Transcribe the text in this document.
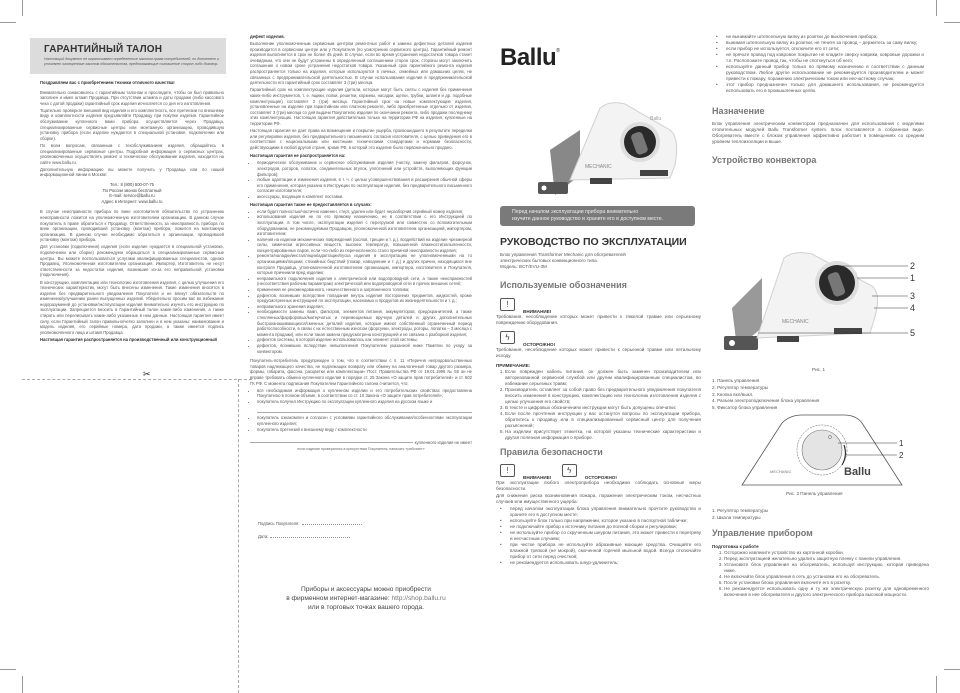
ГАРАНТИЙНЫЙ ТАЛОН
Настоящий документ не ограничивает определенные законом права потребителей, но дополняет и уточняет оговоренные законом обязательства, предполагающие соглашение сторон либо договор.

Поздравляем вас с приобретением техники отличного качества!

Внимательно ознакомьтесь с гарантийным талоном и проследите, чтобы он был правильно заполнен и имел штамп Продавца. При отсутствии штампа и даты продажи (либо кассового чека с датой продажи) гарантийный срок изделия исчисляется со дня его изготовления.

Тщательно проверьте внешний вид изделия и его комплектность, все претензии по внешнему виду и комплектности изделия предъявляйте Продавцу при покупке изделия. Гарантийное обслуживание купленного вами прибора осуществляется через Продавца, специализированные сервисные центры или монтажную организацию, проводившую установку прибора (если изделие нуждается в специальной установке, подключении или сборке).

По всем вопросам, связанным с техобслуживанием изделия, обращайтесь в специализированные сервисные центры. Подробная информация о сервисных центрах, уполномоченных осуществлять ремонт и техническое обслуживание изделия, находится на сайте www.ballu.ru.

Дополнительную информацию вы можете получить у Продавца или по нашей информационной линии в Москве:

Тел.: 8 (800) 500-07-75
По России звонок бесплатный
E-mail: service@ballu.ru
Адрес в Интернет: www.ballu.ru

В случае неисправности прибора по вине изготовителя обязательство по устранению неисправности ложится на уполномоченную изготовителем организацию. В данном случае покупатель в праве обратиться к Продавцу. Ответственность за неисправность прибора по вине организации, проводившей установку (монтаж) прибора, ложится на монтажную организацию. В данном случае необходимо обратиться к организации, проводившей установку (монтаж) прибора.

Для установки (подключения) изделия (если изделие нуждается в специальной установке, подключении или сборке) рекомендуем обращаться в специализированные сервисные центры. Вы можете воспользоваться услугами квалифицированных специалистов, однако Продавец, Уполномоченная изготовителем организация, Импортер, Изготовитель не несут ответственности за недостатки изделия, возникшие из-за его неправильной установки (подключения).

В конструкцию, комплектацию или технологию изготовления изделия, с целью улучшения его технических характеристик, могут быть внесены изменения. Такие изменения вносятся в изделие без предварительного уведомления Покупателя и не влекут обязательств по изменению/улучшению ранее выпущенных изделий. Убедительно просим вас во избежание недоразумений до установки/эксплуатации изделия внимательно изучить его инструкцию по эксплуатации. Запрещается вносить в Гарантийный талон какие-либо изменения, а также стирать или переписывать какие-либо указанные в нем данные. Настоящая гарантия имеет силу, если Гарантийный талон правильно/четко заполнен и в нем указаны: наименование и модель изделия, его серийные номера, дата продажи, а также имеется подпись уполномоченного лица и штамп Продавца.

Настоящая гарантия распространяется на производственный или конструкционный

✂

дефект изделия.

Выполнение уполномоченным сервисным центром ремонтных работ и замена дефектных деталей изделия производится в сервисном центре или у Покупателя (по усмотрению сервисного центра). Гарантийный ремонт изделия выполняется в срок не более 45 дней. В случае, если во время устранения недостатков товара станет очевидным, что они не будут устранены в определенный соглашением сторон срок, стороны могут заключить соглашение о новом сроке устранения недостатков товара. Указанный срок гарантийного ремонта изделия распространяется только на изделия, которые используются в личных, семейных или домашних целях, не связанных с предпринимательской деятельностью. В случае использования изделия в предпринимательской деятельности его гарантийный срок составляет 3 (три) месяца.

Гарантийный срок на комплектующие изделия (детали, которые могут быть сняты с изделия без применения каких-либо инструментов, т. е. ящики, полки, решетки, корзины, насадки, щетки, трубки, шланги и др. подобные комплектующие) составляет 3 (три) месяца. Гарантийный срок на новые комплектующие изделия, установленные на изделие при гарантийном или платном ремонте, либо приобретенные отдельно от изделия, составляет 3 (три) месяца со дня выдачи Покупателю изделия по окончании ремонта, либо продажи последнему этих комплектующих. Настоящая гарантия действительна только на территории РФ на изделия, купленные на территории РФ.

Настоящая гарантия не дает права на возмещение и покрытие ущерба, произошедшего в результате переделки или регулировки изделия, без предварительного письменного согласия изготовителя, с целью приведения его в соответствие с национальными или местными техническими стандартами и нормами безопасности, действующими в любой другой стране, кроме РФ, в которой это изделие было первоначально продано.

Настоящая гарантия не распространяется на:

• периодическое обслуживание и сервисное обслуживание изделия (чистку, замену фильтров, форсунок, электродов, роторов, лопаток, соединительных втулок, уплотнений или устройств, выполняющих функции фильтров);
• любые адаптации и изменения изделия, в т. ч. с целью усовершенствования и расширения обычной сферы его применения, которая указана в Инструкции по эксплуатации изделия, без предварительного письменного согласия изготовителя;
• аксессуары, входящие в комплект поставки.

Настоящая гарантия также не предоставляется в случаях:

• если будет полностью/частично изменен, стерт, удален или будет неразборчив серийный номер изделия;
• использования изделия не по его прямому назначению, не в соответствии с его Инструкцией по эксплуатации, в том числе, эксплуатации изделия с перегрузкой или совместно со вспомогательным оборудованием, не рекомендуемым Продавцом, уполномоченной изготовителем организацией, импортером, изготовителем;
• наличия на изделии механических повреждений (сколов, трещин и т. д.), воздействий на изделие чрезмерной силы, химически агрессивных веществ, высоких температур, повышенной влажности/запыленности, концентрированных паров, если что-либо из перечисленного стало причиной неисправности изделия;
• ремонта/наладки/инсталляции/адаптации/пуска изделия в эксплуатацию не уполномоченными на то организациями/лицами; стихийных бедствий (пожар, наводнение и т. д.) и других причин, находящихся вне контроля Продавца, уполномоченной изготовителем организации, импортера, изготовителя и Покупателя, которые причинили вред изделию;
• неправильного подключения изделия к электрической или водопроводной сети, а также неисправностей (несоответствия рабочим параметрам) электрической или водопроводной сети и прочих внешних сетей;
• применения не рекомендованного, некачественного и загрязненного топлива;
• дефектов, возникших вследствие попадания внутрь изделия посторонних предметов, жидкостей, кроме предусмотренных инструкцией по эксплуатации, насекомых и продуктов их жизнедеятельности и т. д.;
• неправильного хранения изделия;
• необходимости замены ламп, фильтров, элементов питания, аккумуляторов, предохранителей, а также стеклянных/фарфоровых/матерчатых и перемещаемых вручную деталей и других дополнительных быстроизнашивающихся/сменных деталей изделия, которые имеют собственный ограниченный период работоспособности, в связи с их естественным износом (форсунки, электроды, роторы, лопатки – 3 месяца с момента продажи), или если такая замена предусмотрена конструкцией и не связана с разборкой изделия;
• дефектов системы, в которой изделие использовалось как элемент этой системы;
• дефектов, возникших вследствие невыполнения Покупателем указанной ниже Памятки по уходу за конвектором.

Покупатель-потребитель предупрежден о том, что в соответствии с п. 11 «Перечня непродовольственных товаров надлежащего качества, не подлежащих возврату или обмену на аналогичный товар другого размера, формы, габарита, фасона, расцветки или комплектации» Пост. Правительства РФ от 19.01.1998 № 55 он не вправе требовать обмена купленного изделия в порядке ст. 25 Закона «О защите прав потребителей» и ст. 502 ГК РФ. С момента подписания Покупателем Гарантийного талона считается, что:

• вся необходимая информация о купленном изделии и его потребительских свойствах предоставлена Покупателю в полном объеме, в соответствии со ст. 10 Закона «О защите прав потребителей»;
• покупатель получил Инструкцию по эксплуатации купленного изделия на русском языке и
• покупатель ознакомлен и согласен с условиями гарантийного обслуживания/особенностями эксплуатации купленного изделия;
• покупатель претензий к внешнему виду / комплектности
купленного изделия не имеет
если изделие проверялось в присутствии Покупателя, написать «работает»
Подпись Покупателя:
Дата:
Приборы и аксессуары можно приобрести
в фирменном интернет-магазине: http://shop.ballu.ru
или в торговых точках вашего города.
Ballu®
MECHANIC
Ballu
Перед началом эксплуатации прибора внимательно
изучите данное руководство и храните его в доступном месте.
РУКОВОДСТВО ПО ЭКСПЛУАТАЦИИ
Блок управления Transformer Mechanic для обогревателей
электрических бытовых конвекционного типа.
Модель: BCT/EVU-3M
Используемые обозначения
!ВНИМАНИЕ!

Требования, несоблюдение которых может привести к тяжелой травме или серьезному повреждению оборудования.

ϟОСТОРОЖНО!

Требования, несоблюдение которых может привести к серьезной травме или летальному исходу.

ПРИМЕЧАНИЕ:
1. Если поврежден кабель питания, он должен быть заменен производителем или авторизованной сервисной службой или другим квалифицированным специалистом, во избежание серьезных травм;
2. Производитель оставляет за собой право без предварительного уведомления покупателя вносить изменения в конструкцию, комплектацию или технологию изготовления изделия с целью улучшения его свойств;
3. В тексте и цифровых обозначениях инструкции могут быть допущены опечатки;
4. Если после прочтения инструкции у вас останутся вопросы по эксплуатации прибора, обратитесь к продавцу или в специализированный сервисный центр для получения разъяснений;
5. На изделии присутствует этикетка, на которой указаны технические характеристики и другая полезная информация о приборе.
Правила безопасности
!ВНИМАНИЕ! ϟОСТОРОЖНО!

При эксплуатации любого электроприбора необходимо соблюдать основные меры безопасности.

Для снижения риска возникновения пожара, поражения электрическим током, несчастных случаев или имущественного ущерба:

• перед началом эксплуатации блока управления внимательно прочтите руководство и храните его в доступном месте;
• используйте блок только при напряжении, которое указано в паспортной табличке;
• не подключайте прибор к источнику питания до полной сборки и регулировки;
• не используйте прибор со скрученным шнуром питания, это может привести к перегреву и несчастным случаям;
• при чистке прибора не используйте абразивные моющие средства. Очищайте его влажной тряпкой (не мокрой), смоченной горячей мыльной водой. Всегда отключайте прибор от сети перед очисткой;
• не рекомендуется использовать шнур-удлинитель;
• не вынимайте штепсельную вилку из розетки до выключения прибора;
• вынимая штепсельную вилку из розетки, не тяните за провод – держитесь за саму вилку;
• если прибор не используется, отключите его от сети;
• не прячьте провод под ковровое покрытие не кладите сверху коврики, ковровые дорожки и т.п. Расположите провод так, чтобы не споткнуться об него;
• используйте данный прибор только по прямому назначению в соответствии с данным руководством. Любое другое использование не рекомендуется производителем и может привести к пожару, поражению электрическим током или несчастному случаю;
• этот прибор предназначен только для домашнего использования, не рекомендуется использовать его в промышленных целях.
Назначение

Блок управления электрическим конвектором предназначен для использования с моделями отопительных модулей Ballu Transformer system. Блок поставляется в собранном виде. Обогреватель вместе с блоком управления эффективно работает в помещениях со средним уровнем теплоизоляции и выше.

Устройство конвектора
2
1
3
4
5
MECHANIC
Рис. 1
1. Панель управления
2. Регулятор температуры
3. Кнопка вкл/выкл.
4. Разъем электроподключения блока управления
5. Фиксатор блока управления
1
2
MECHANIC	Ballu
Рис. 2 Панель управления
1. Регулятор температуры
2. Шкала температуры
Управление прибором
Подготовка к работе
1. Осторожно извлеките устройство из картонной коробки.
2. Перед эксплуатацией желательно удалить защитную пленку с панели управления.
3. Установите блок управления на обогреватель, используя инструкцию, которая приведена ниже.
4. Не включайте блок управления в сеть до установки его на обогреватель.
5. После установки блока управления включите его в розетку.
6. Не рекомендуется использовать одну и ту же электрическую розетку для одновременного включения в нее обогревателя и другого электрического прибора высокой мощности.
